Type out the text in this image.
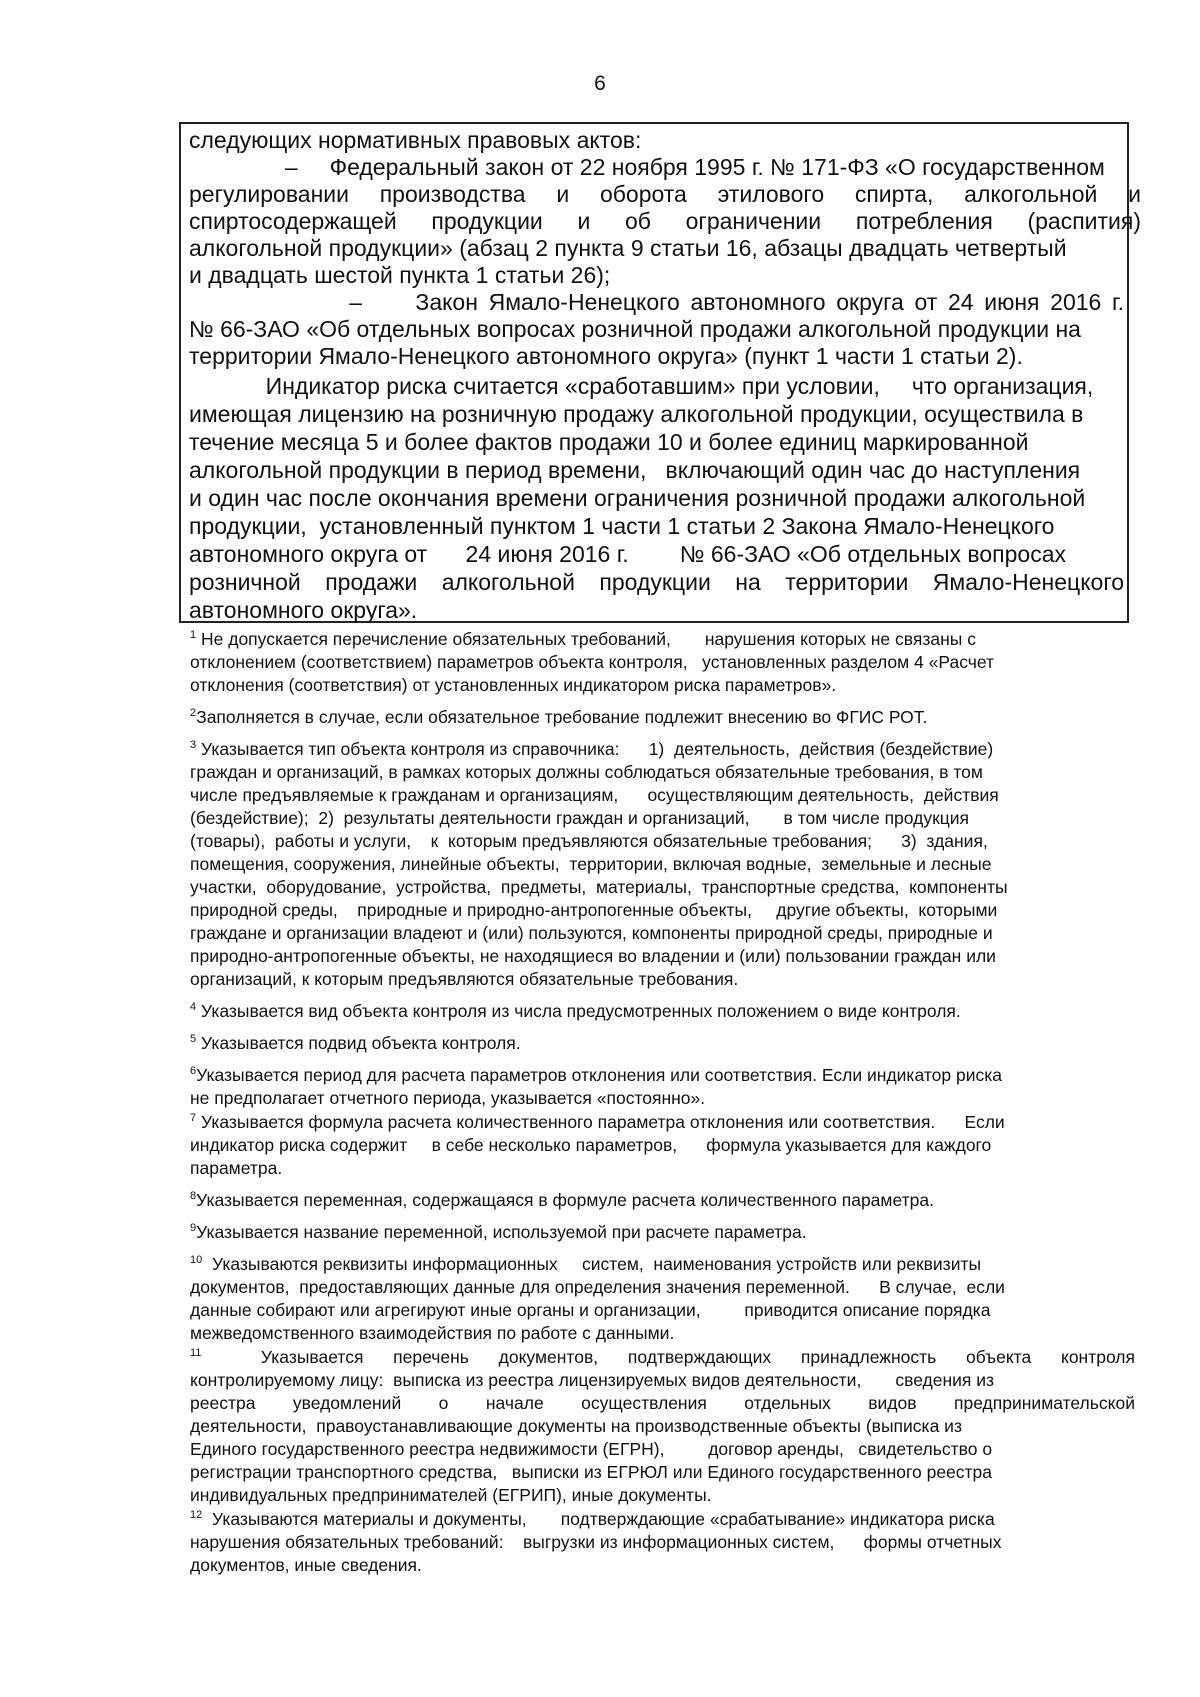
6
следующих нормативных правовых актов:
–     Федеральный закон от 22 ноября 1995 г. № 171-ФЗ «О государственном
регулировании производства и оборота этилового спирта, алкогольной и
спиртосодержащей продукции и об ограничении потребления (распития)
алкогольной продукции» (абзац 2 пункта 9 статьи 16, абзацы двадцать четвертый
и двадцать шестой пункта 1 статьи 26);
–     Закон Ямало-Ненецкого автономного округа от 24 июня 2016 г.
№ 66-ЗАО «Об отдельных вопросах розничной продажи алкогольной продукции на
территории Ямало-Ненецкого автономного округа» (пункт 1 части 1 статьи 2).
Индикатор риска считается «сработавшим» при условии,     что организация,
имеющая лицензию на розничную продажу алкогольной продукции, осуществила в
течение месяца 5 и более фактов продажи 10 и более единиц маркированной
алкогольной продукции в период времени,   включающий один час до наступления
и один час после окончания времени ограничения розничной продажи алкогольной
продукции,  установленный пунктом 1 части 1 статьи 2 Закона Ямало-Ненецкого
автономного округа от      24 июня 2016 г.        № 66-ЗАО «Об отдельных вопросах
розничной продажи алкогольной продукции на территории Ямало-Ненецкого
автономного округа».
$^1$ Не допускается перечисление обязательных требований,       нарушения которых не связаны с
отклонением (соответствием) параметров объекта контроля,   установленных разделом 4 «Расчет
отклонения (соответствия) от установленных индикатором риска параметров».
$^2$Заполняется в случае, если обязательное требование подлежит внесению во ФГИС РОТ.
$^3$ Указывается тип объекта контроля из справочника:      1)  деятельность,  действия (бездействие)
граждан и организаций, в рамках которых должны соблюдаться обязательные требования, в том
числе предъявляемые к гражданам и организациям,      осуществляющим деятельность,  действия
(бездействие);  2)  результаты деятельности граждан и организаций,       в том числе продукция
(товары),  работы и услуги,    к  которым предъявляются обязательные требования;      3)  здания,
помещения, сооружения, линейные объекты,  территории, включая водные,  земельные и лесные
участки,  оборудование,  устройства,  предметы,  материалы,  транспортные средства,  компоненты
природной среды,    природные и природно-антропогенные объекты,     другие объекты,  которыми
граждане и организации владеют и (или) пользуются, компоненты природной среды, природные и
природно-антропогенные объекты, не находящиеся во владении и (или) пользовании граждан или
организаций, к которым предъявляются обязательные требования.
$^4$ Указывается вид объекта контроля из числа предусмотренных положением о виде контроля.
$^5$ Указывается подвид объекта контроля.
$^6$Указывается период для расчета параметров отклонения или соответствия. Если индикатор риска
не предполагает отчетного периода, указывается «постоянно».
$^7$ Указывается формула расчета количественного параметра отклонения или соответствия.      Если
индикатор риска содержит     в себе несколько параметров,      формула указывается для каждого
параметра.
$^8$Указывается переменная, содержащаяся в формуле расчета количественного параметра.
$^9$Указывается название переменной, используемой при расчете параметра.
$^{10}$ Указываются реквизиты информационных     систем,  наименования устройств или реквизиты
документов,  предоставляющих данные для определения значения переменной.      В случае,  если
данные собирают или агрегируют иные органы и организации,         приводится описание порядка
межведомственного взаимодействия по работе с данными.
$^{11}$	Указывается перечень документов, подтверждающих принадлежность объекта контроля
контролируемому лицу:  выписка из реестра лицензируемых видов деятельности,       сведения из
реестра уведомлений о начале осуществления отдельных видов предпринимательской
деятельности,  правоустанавливающие документы на производственные объекты (выписка из
Единого государственного реестра недвижимости (ЕГРН),         договор аренды,   свидетельство о
регистрации транспортного средства,   выписки из ЕГРЮЛ или Единого государственного реестра
индивидуальных предпринимателей (ЕГРИП), иные документы.
$^{12}$ Указываются материалы и документы,       подтверждающие «срабатывание» индикатора риска
нарушения обязательных требований:    выгрузки из информационных систем,      формы отчетных
документов, иные сведения.
